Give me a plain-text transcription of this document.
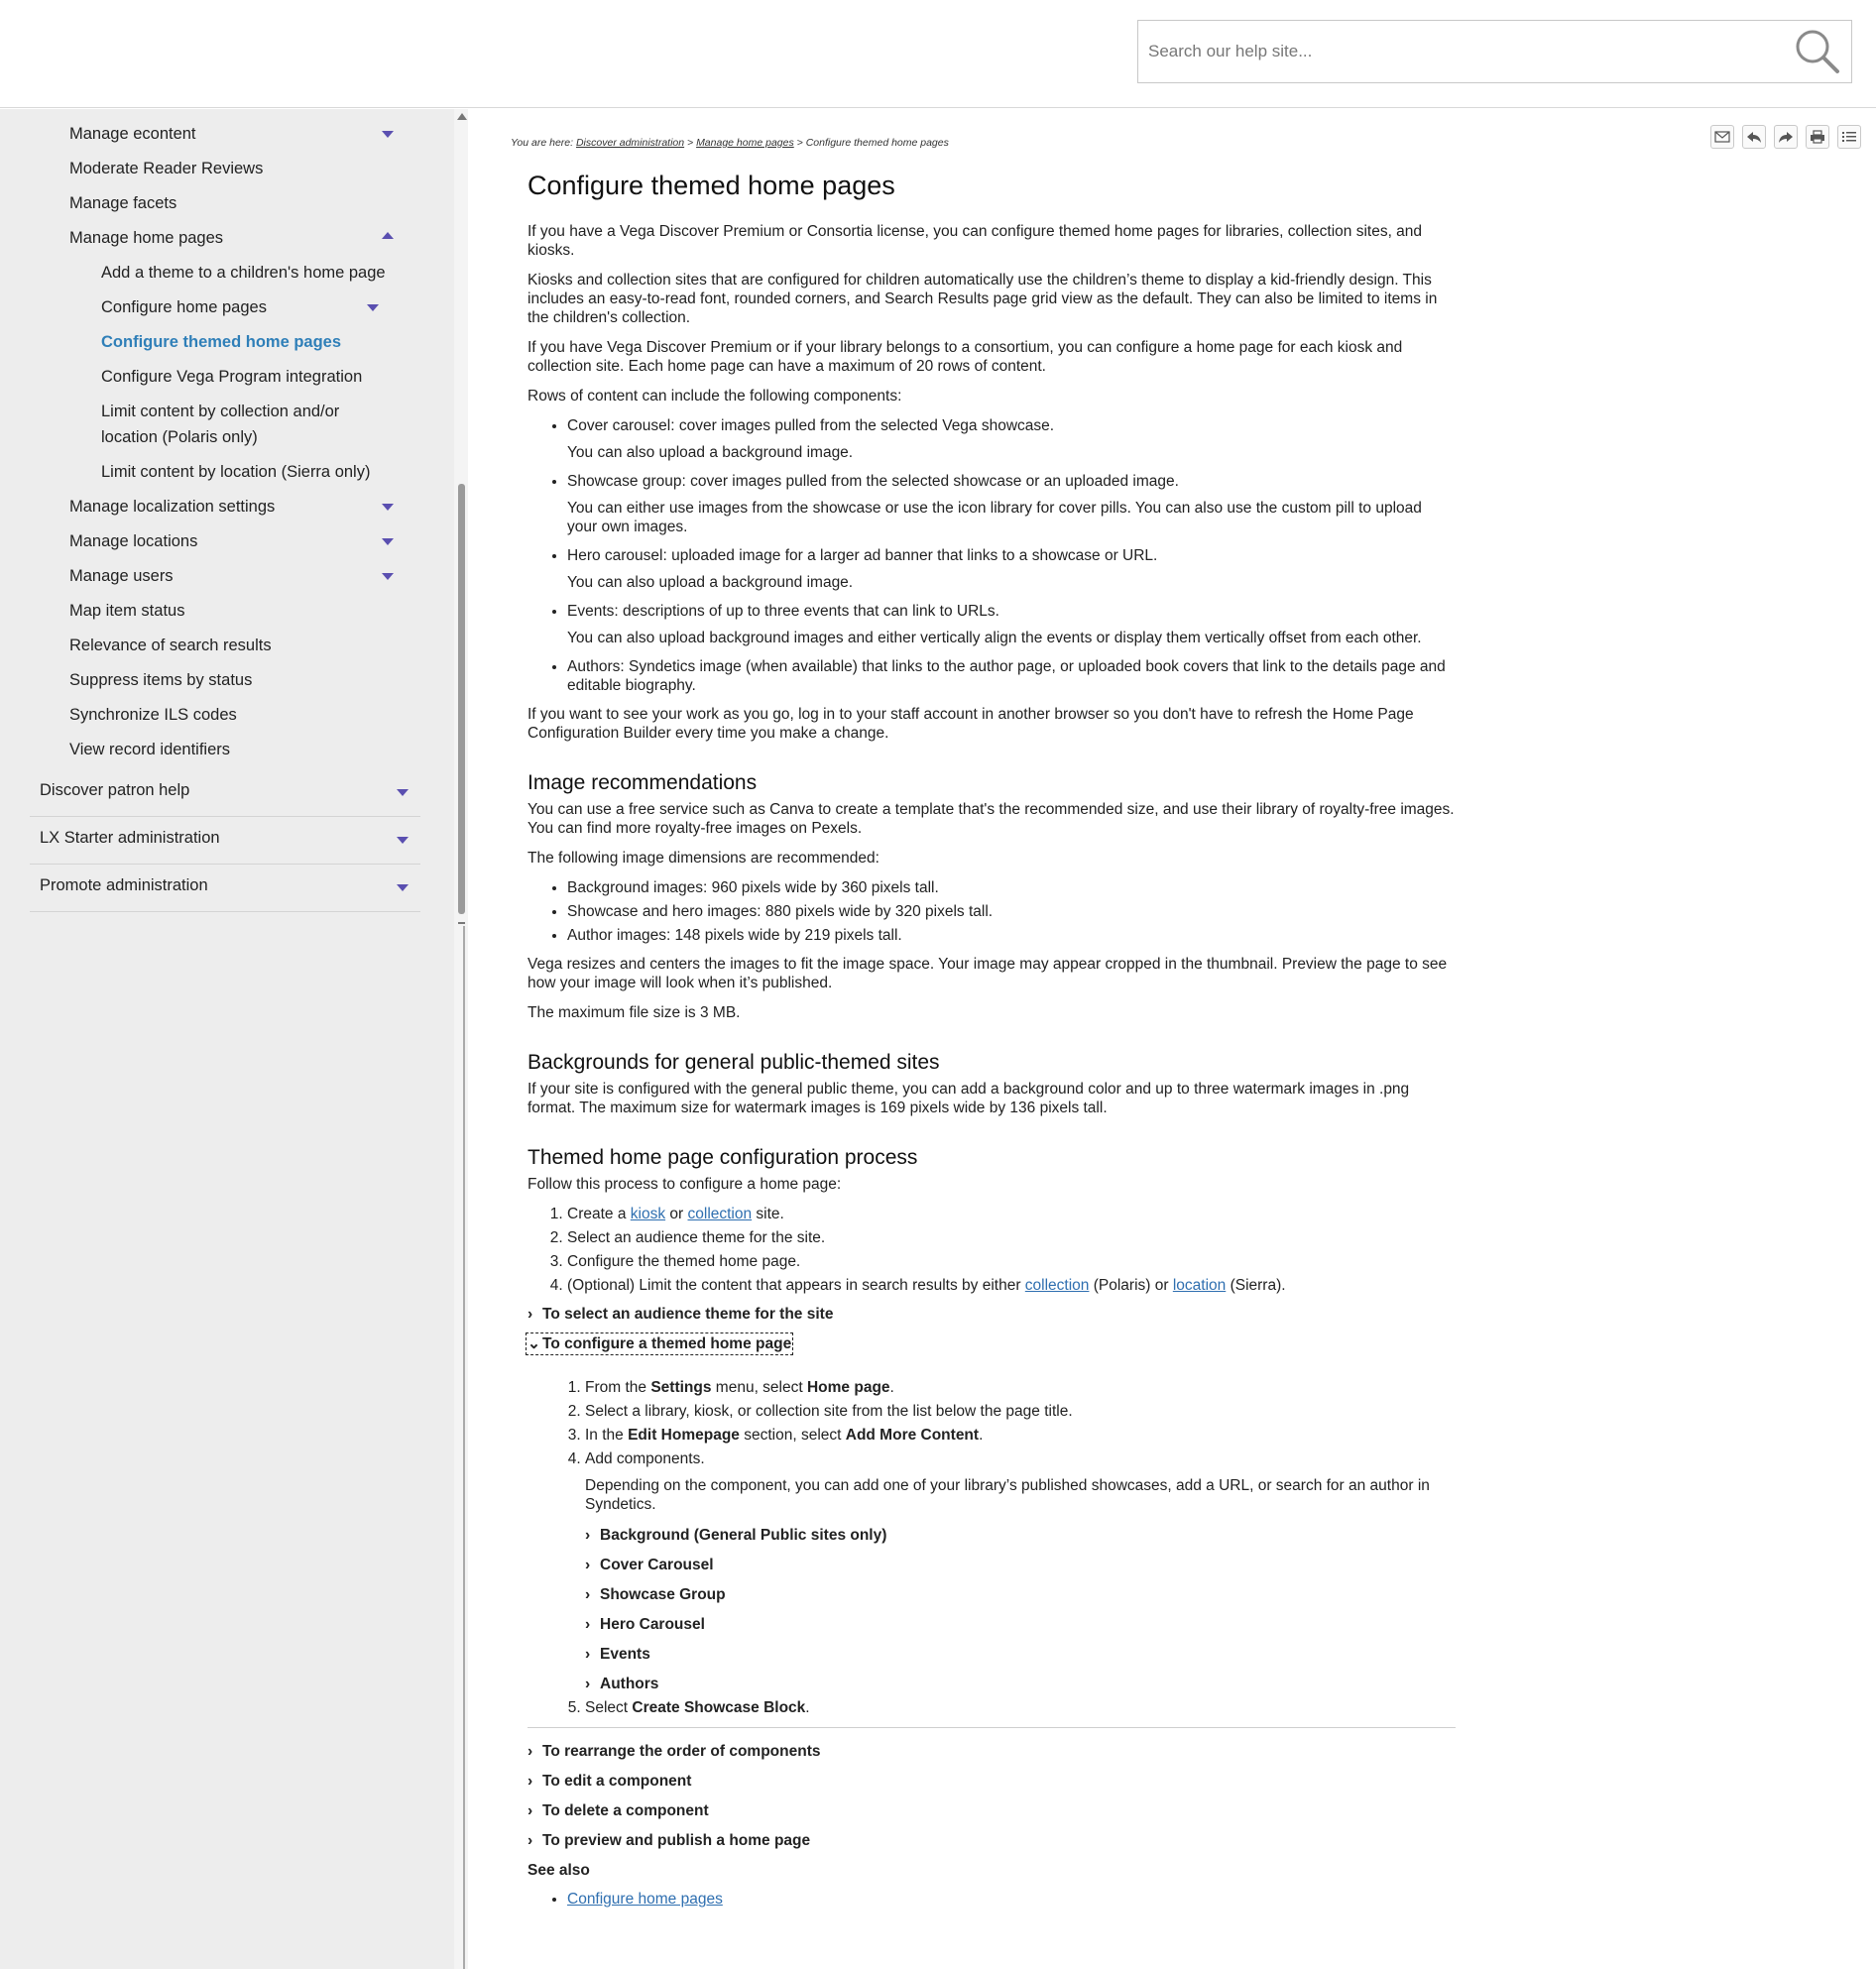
Search our help site...
Manage econtent
Moderate Reader Reviews
Manage facets
Manage home pages
Add a theme to a children's home page
Configure home pages
Configure themed home pages
Configure Vega Program integration
Limit content by collection and/or
location (Polaris only)
Limit content by location (Sierra only)
Manage localization settings
Manage locations
Manage users
Map item status
Relevance of search results
Suppress items by status
Synchronize ILS codes
View record identifiers
Discover patron help
LX Starter administration
Promote administration
You are here: Discover administration > Manage home pages > Configure themed home pages
Configure themed home pages

If you have a Vega Discover Premium or Consortia license, you can configure themed home pages for libraries, collection sites, and kiosks.

Kiosks and collection sites that are configured for children automatically use the children’s theme to display a kid-friendly design. This includes an easy-to-read font, rounded corners, and Search Results page grid view as the default. They can also be limited to items in the children's collection.

If you have Vega Discover Premium or if your library belongs to a consortium, you can configure a home page for each kiosk and collection site. Each home page can have a maximum of 20 rows of content.

Rows of content can include the following components:

• Cover carousel: cover images pulled from the selected Vega showcase.

You can also upload a background image.

• Showcase group: cover images pulled from the selected showcase or an uploaded image.

You can either use images from the showcase or use the icon library for cover pills. You can also use the custom pill to upload your own images.

• Hero carousel: uploaded image for a larger ad banner that links to a showcase or URL.

You can also upload a background image.

• Events: descriptions of up to three events that can link to URLs.

You can also upload background images and either vertically align the events or display them vertically offset from each other.

• Authors: Syndetics image (when available) that links to the author page, or uploaded book covers that link to the details page and editable biography.

If you want to see your work as you go, log in to your staff account in another browser so you don't have to refresh the Home Page Configuration Builder every time you make a change.

Image recommendations

You can use a free service such as Canva to create a template that's the recommended size, and use their library of royalty-free images. You can find more royalty-free images on Pexels.

The following image dimensions are recommended:

• Background images: 960 pixels wide by 360 pixels tall.
• Showcase and hero images: 880 pixels wide by 320 pixels tall.
• Author images: 148 pixels wide by 219 pixels tall.

Vega resizes and centers the images to fit the image space. Your image may appear cropped in the thumbnail. Preview the page to see how your image will look when it’s published.

The maximum file size is 3 MB.

Backgrounds for general public-themed sites

If your site is configured with the general public theme, you can add a background color and up to three watermark images in .png format. The maximum size for watermark images is 169 pixels wide by 136 pixels tall.

Themed home page configuration process

Follow this process to configure a home page:

1. Create a kiosk or collection site.
2. Select an audience theme for the site.
3. Configure the themed home page.
4. (Optional) Limit the content that appears in search results by either collection (Polaris) or location (Sierra).
› To select an audience theme for the site
⌄ To configure a themed home page
1. From the Settings menu, select Home page.
2. Select a library, kiosk, or collection site from the list below the page title.
3. In the Edit Homepage section, select Add More Content.
4. Add components.

Depending on the component, you can add one of your library’s published showcases, add a URL, or search for an author in Syndetics.

› Background (General Public sites only)
› Cover Carousel
› Showcase Group
› Hero Carousel
› Events
› Authors
5. Select Create Showcase Block.
› To rearrange the order of components
› To edit a component
› To delete a component
› To preview and publish a home page
See also
• Configure home pages
